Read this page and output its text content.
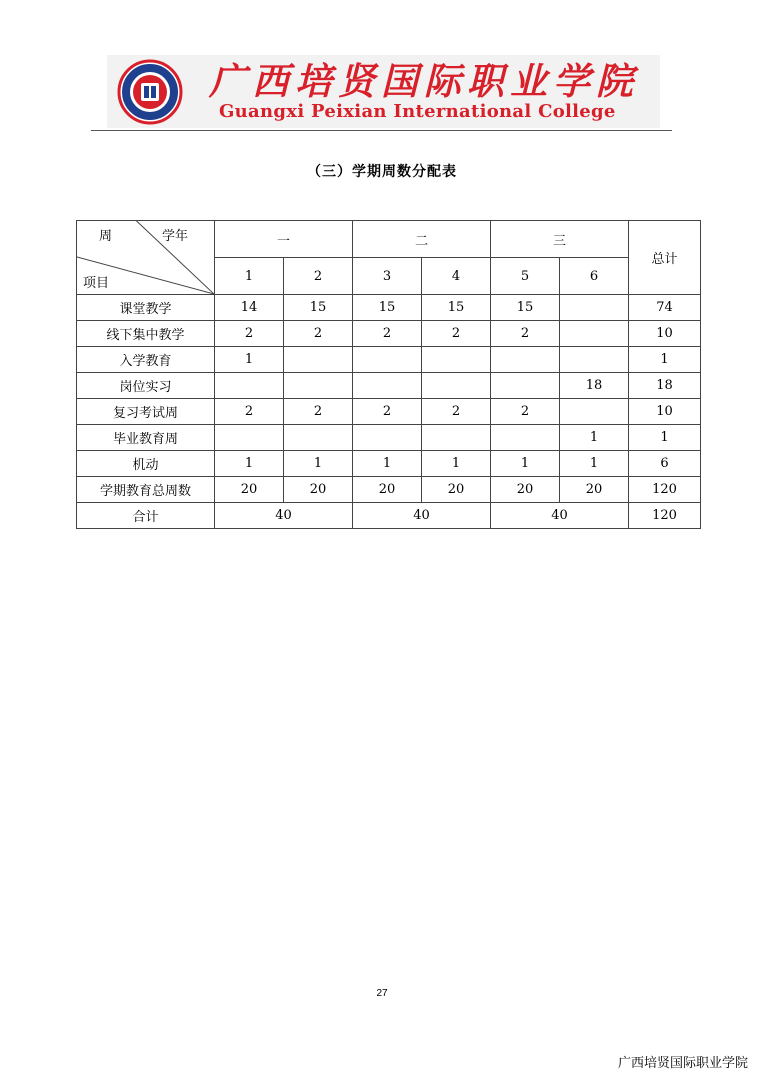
广西培贤国际职业学院
Guangxi Peixian International College
（三）学期周数分配表
周 学年
项目	一		二		三		总计
	1	2	3	4	5	6	
课堂教学	14	15	15	15	15		74
线下集中教学	2	2	2	2	2		10
入学教育	1						1
岗位实习						18	18
复习考试周	2	2	2	2	2		10
毕业教育周						1	1
机动	1	1	1	1	1	1	6
学期教育总周数	20	20	20	20	20	20	120
合计	40		40		40		120
27
广西培贤国际职业学院
